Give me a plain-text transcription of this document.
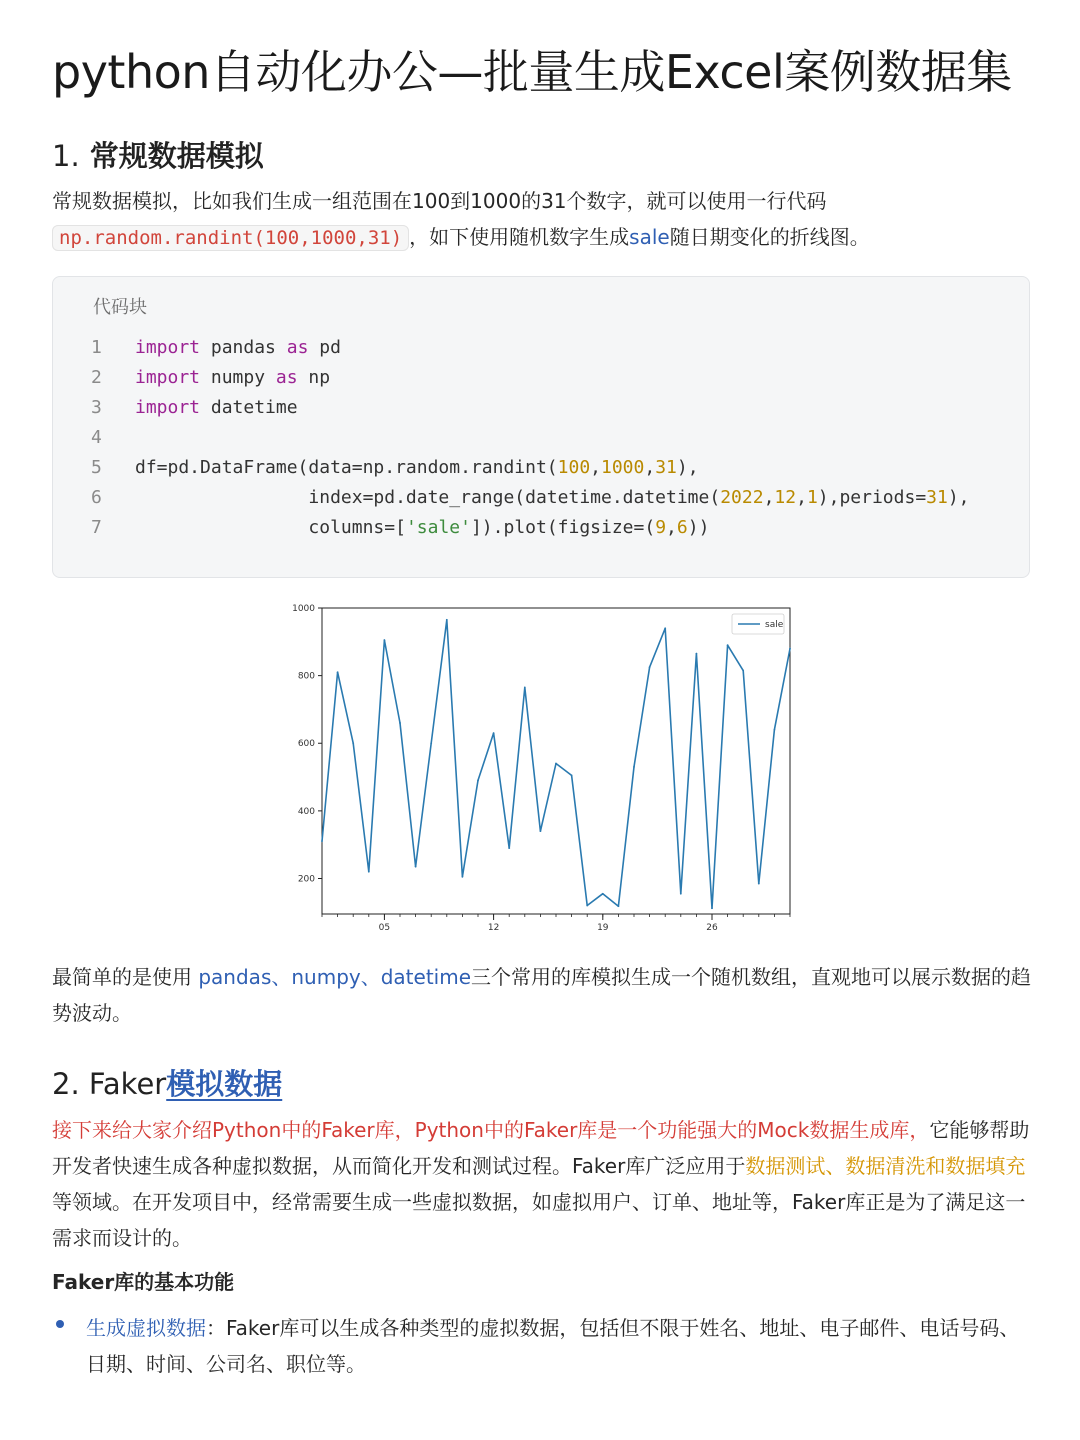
python自动化办公—批量生成Excel案例数据集
1. 常规数据模拟
常规数据模拟，比如我们生成一组范围在100到1000的31个数字，就可以使用一行代码
np.random.randint(100,1000,31) ，如下使用随机数字生成sale随日期变化的折线图。
代码块
1	import pandas as pd
2	import numpy as np
3	import datetime
4
5	df=pd.DataFrame(data=np.random.randint(100,1000,31),
6	index=pd.date_range(datetime.datetime(2022,12,1),periods=31),
7	columns=['sale']).plot(figsize=(9,6))
200
400
600
800
1000
05	12	19	26
sale
最简单的是使用 pandas、numpy、datetime三个常用的库模拟生成一个随机数组，直观地可以展示数据的趋势波动。
2. Faker模拟数据
接下来给大家介绍Python中的Faker库，Python中的Faker库是一个功能强大的Mock数据生成库，它能够帮助开发者快速生成各种虚拟数据，从而简化开发和测试过程。Faker库广泛应用于数据测试、数据清洗和数据填充等领域。在开发项目中，经常需要生成一些虚拟数据，如虚拟用户、订单、地址等，Faker库正是为了满足这一需求而设计的。
Faker库的基本功能
生成虚拟数据：Faker库可以生成各种类型的虚拟数据，包括但不限于姓名、地址、电子邮件、电话号码、日期、时间、公司名、职位等。
